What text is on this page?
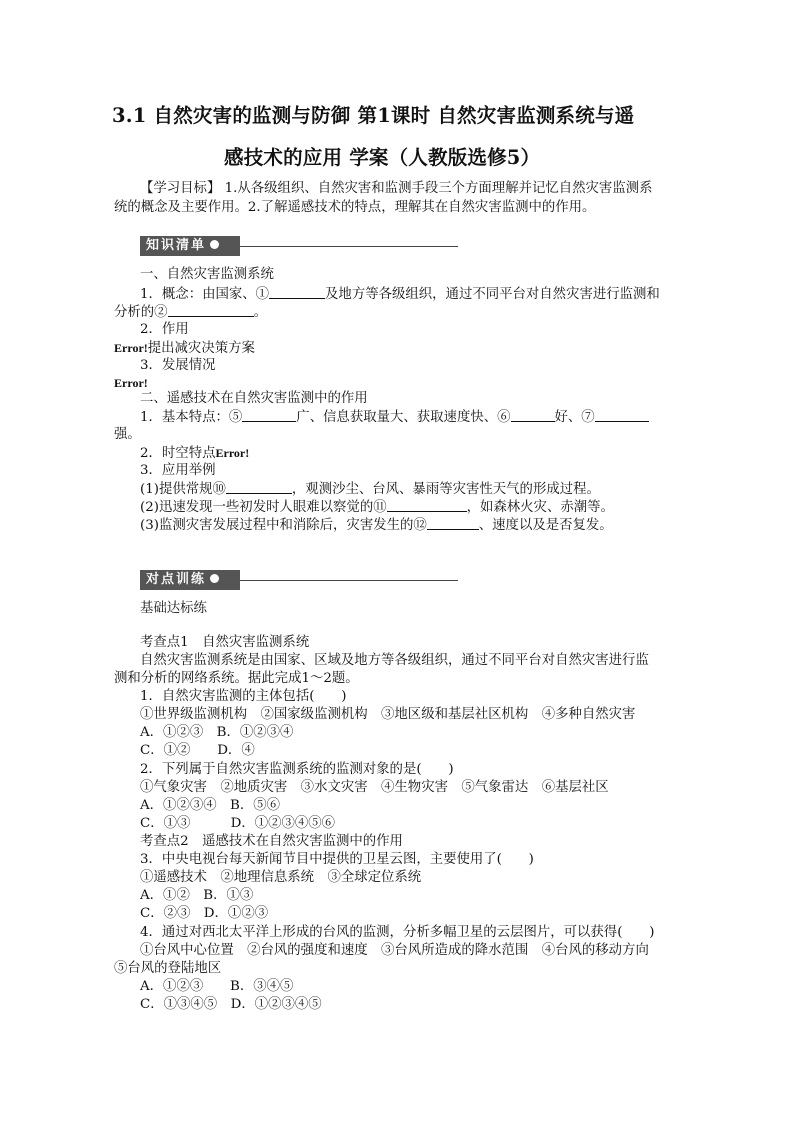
3.1 自然灾害的监测与防御 第1课时 自然灾害监测系统与遥
感技术的应用 学案（人教版选修5）
【学习目标】 1.从各级组织、自然灾害和监测手段三个方面理解并记忆自然灾害监测系
统的概念及主要作用。2.了解遥感技术的特点，理解其在自然灾害监测中的作用。
知识清单
一、自然灾害监测系统
1．概念：由国家、①	及地方等各级组织，通过不同平台对自然灾害进行监测和
分析的②	。
2．作用
Error!提出减灾决策方案
3．发展情况
Error!
二、遥感技术在自然灾害监测中的作用
1．基本特点：⑤	广、信息获取量大、获取速度快、⑥	好、⑦
强。
2．时空特点Error!
3．应用举例
(1)提供常规⑩	，观测沙尘、台风、暴雨等灾害性天气的形成过程。
(2)迅速发现一些初发时人眼难以察觉的⑪	，如森林火灾、赤潮等。
(3)监测灾害发展过程中和消除后，灾害发生的⑫	、速度以及是否复发。
对点训练
基础达标练
考查点1　自然灾害监测系统
自然灾害监测系统是由国家、区域及地方等各级组织，通过不同平台对自然灾害进行监
测和分析的网络系统。据此完成1～2题。
1．自然灾害监测的主体包括(　　)
①世界级监测机构　②国家级监测机构　③地区级和基层社区机构　④多种自然灾害
A．①②③　B．①②③④
C．①②　　D．④
2．下列属于自然灾害监测系统的监测对象的是(　　)
①气象灾害　②地质灾害　③水文灾害　④生物灾害　⑤气象雷达　⑥基层社区
A．①②③④　B．⑤⑥
C．①③　　　D．①②③④⑤⑥
考查点2　遥感技术在自然灾害监测中的作用
3．中央电视台每天新闻节目中提供的卫星云图，主要使用了(　　)
①遥感技术　②地理信息系统　③全球定位系统
A．①②　B．①③
C．②③　D．①②③
4．通过对西北太平洋上形成的台风的监测，分析多幅卫星的云层图片，可以获得(　　)
①台风中心位置　②台风的强度和速度　③台风所造成的降水范围　④台风的移动方向
⑤台风的登陆地区
A．①②③　　B．③④⑤
C．①③④⑤　D．①②③④⑤
